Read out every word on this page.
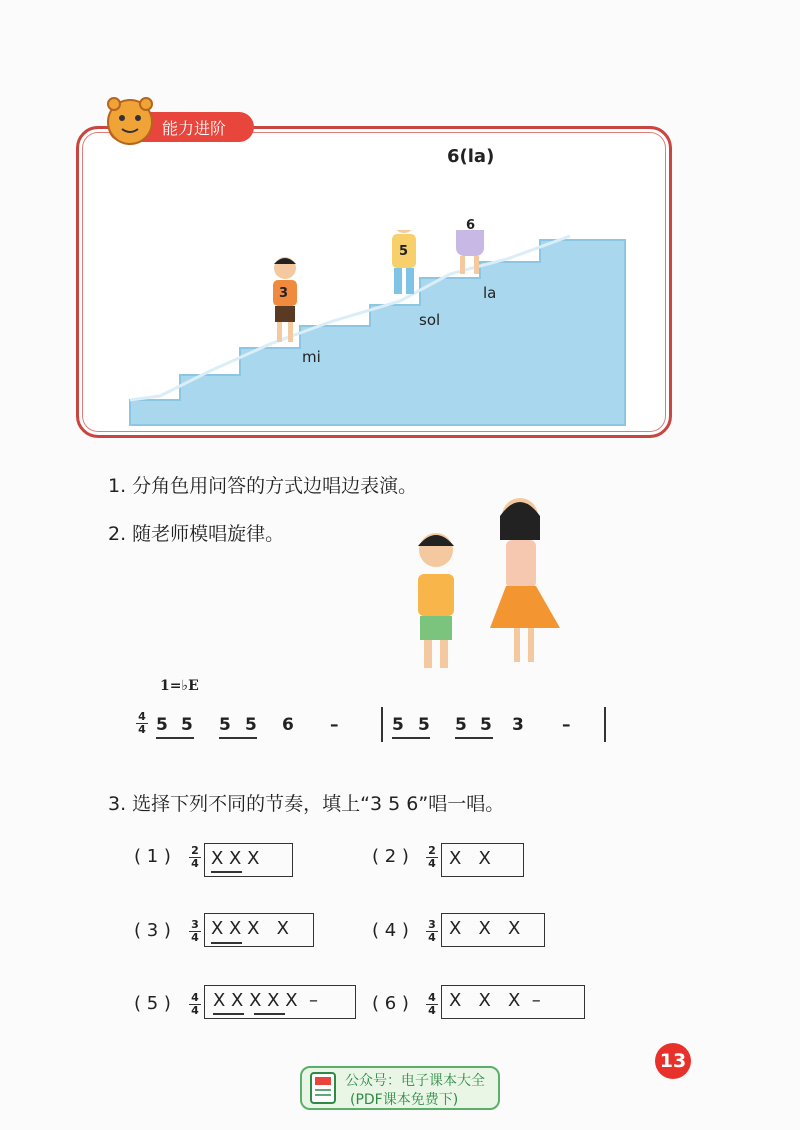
能力进阶
6(la)
3
5
6
mi
sol
la
1. 分角色用问答的方式边唱边表演。
2. 随老师模唱旋律。
1=♭E
4
4 5 5 5 5 6 –	5 5 5 5 3 –
3. 选择下列不同的节奏，填上“3 5 6”唱一唱。
( 1 ) 2
4 X X X	( 2 ) 2
4 X   X
( 3 ) 3
4 X X X   X	( 4 ) 3
4 X   X   X
( 5 ) 4
4 X X X X X  –	( 6 ) 4
4 X   X   X  –
13
公众号：电子课本大全
(PDF课本免费下)
